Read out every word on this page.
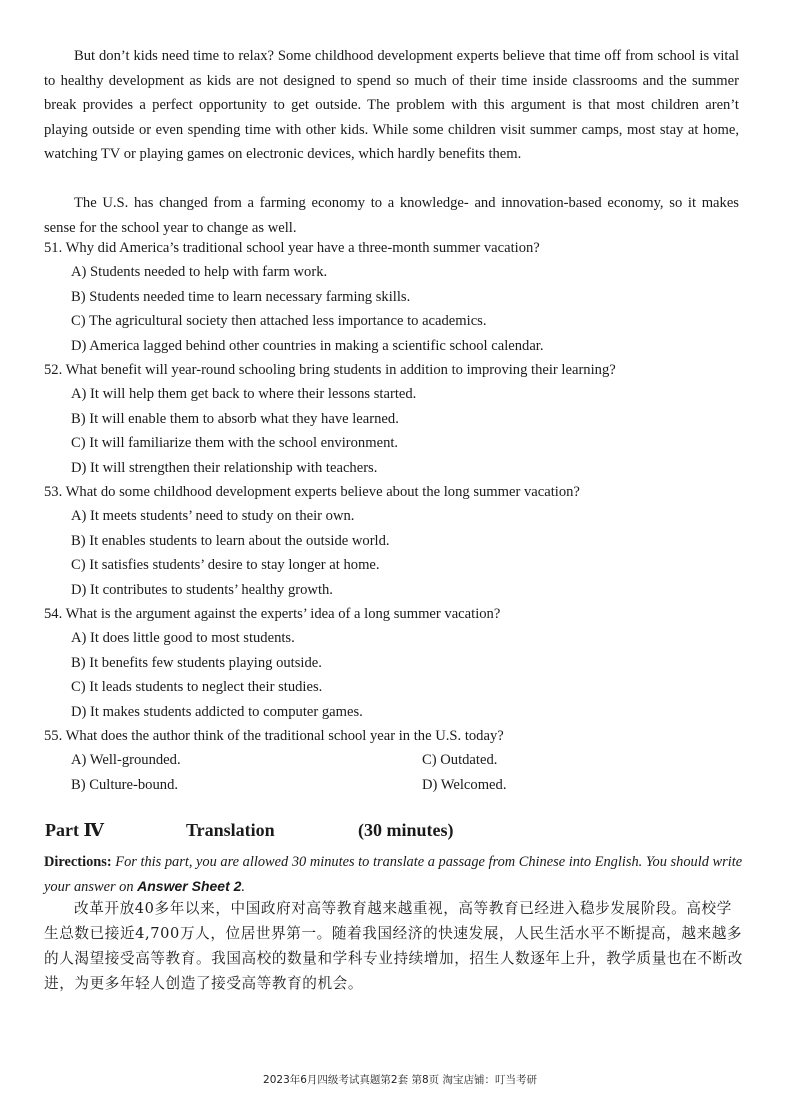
But don’t kids need time to relax? Some childhood development experts believe that time off from school is vital to healthy development as kids are not designed to spend so much of their time inside classrooms and the summer break provides a perfect opportunity to get outside. The problem with this argument is that most children aren’t playing outside or even spending time with other kids. While some children visit summer camps, most stay at home, watching TV or playing games on electronic devices, which hardly benefits them.

The U.S. has changed from a farming economy to a knowledge- and innovation-based economy, so it makes sense for the school year to change as well.

51. Why did America’s traditional school year have a three-month summer vacation?
A) Students needed to help with farm work.
B) Students needed time to learn necessary farming skills.
C) The agricultural society then attached less importance to academics.
D) America lagged behind other countries in making a scientific school calendar.
52. What benefit will year-round schooling bring students in addition to improving their learning?
A) It will help them get back to where their lessons started.
B) It will enable them to absorb what they have learned.
C) It will familiarize them with the school environment.
D) It will strengthen their relationship with teachers.
53. What do some childhood development experts believe about the long summer vacation?
A) It meets students’ need to study on their own.
B) It enables students to learn about the outside world.
C) It satisfies students’ desire to stay longer at home.
D) It contributes to students’ healthy growth.
54. What is the argument against the experts’ idea of a long summer vacation?
A) It does little good to most students.
B) It benefits few students playing outside.
C) It leads students to neglect their studies.
D) It makes students addicted to computer games.
55. What does the author think of the traditional school year in the U.S. today?
A) Well-grounded.	C) Outdated.
B) Culture-bound.	D) Welcomed.
Part Ⅳ	Translation	(30 minutes)
Directions: For this part, you are allowed 30 minutes to translate a passage from Chinese into English. You should write your answer on Answer Sheet 2.
改革开放40多年以来，中国政府对高等教育越来越重视，高等教育已经进入稳步发展阶段。高校学生总数已接近4,700万人，位居世界第一。随着我国经济的快速发展，人民生活水平不断提高，越来越多的人渴望接受高等教育。我国高校的数量和学科专业持续增加，招生人数逐年上升，教学质量也在不断改进，为更多年轻人创造了接受高等教育的机会。
2023年6月四级考试真题第2套 第8页 淘宝店铺：叮当考研
